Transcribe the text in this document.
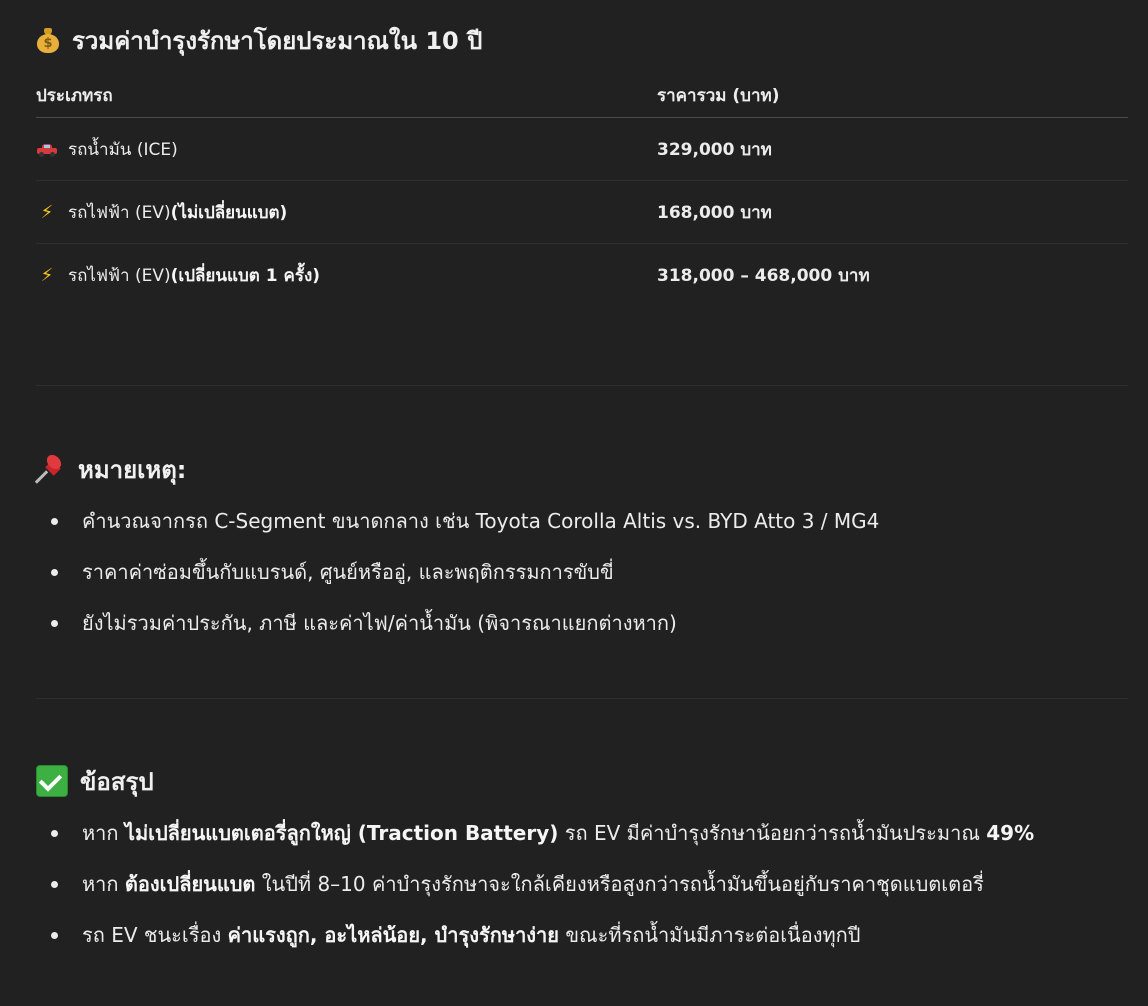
$ รวมค่าบำรุงรักษาโดยประมาณใน 10 ปี
ประเภทรถ	ราคารวม (บาท)

รถน้ำมัน (ICE)	329,000 บาท
⚡ รถไฟฟ้า (EV)(ไม่เปลี่ยนแบต)	168,000 บาท
⚡ รถไฟฟ้า (EV)(เปลี่ยนแบต 1 ครั้ง)	318,000 – 468,000 บาท
หมายเหตุ:
คำนวณจากรถ C-Segment ขนาดกลาง เช่น Toyota Corolla Altis vs. BYD Atto 3 / MG4
ราคาค่าซ่อมขึ้นกับแบรนด์, ศูนย์หรืออู่, และพฤติกรรมการขับขี่
ยังไม่รวมค่าประกัน, ภาษี และค่าไฟ/ค่าน้ำมัน (พิจารณาแยกต่างหาก)
ข้อสรุป
หาก ไม่เปลี่ยนแบตเตอรี่ลูกใหญ่ (Traction Battery) รถ EV มีค่าบำรุงรักษาน้อยกว่ารถน้ำมันประมาณ 49%
หาก ต้องเปลี่ยนแบต ในปีที่ 8–10 ค่าบำรุงรักษาจะใกล้เคียงหรือสูงกว่ารถน้ำมันขึ้นอยู่กับราคาชุดแบตเตอรี่
รถ EV ชนะเรื่อง ค่าแรงถูก, อะไหล่น้อย, บำรุงรักษาง่าย ขณะที่รถน้ำมันมีภาระต่อเนื่องทุกปี
